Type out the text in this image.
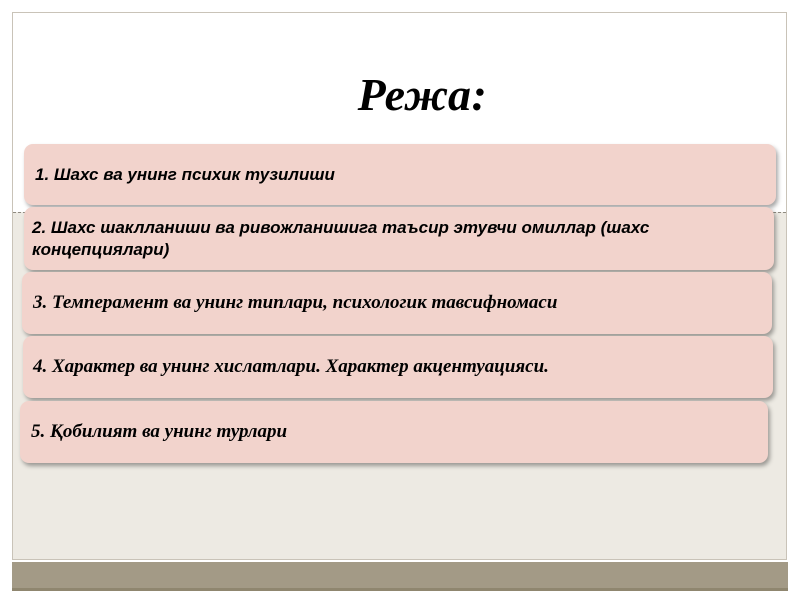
Режа:
1. Шахс ва унинг психик тузилиши
2. Шахс шаклланиши ва ривожланишига таъсир этувчи омиллар (шахс концепциялари)
3. Темперамент ва унинг типлари, психологик тавсифномаси
4. Характер ва унинг хислатлари. Характер акцентуацияси.
5. Қобилият ва унинг турлари
